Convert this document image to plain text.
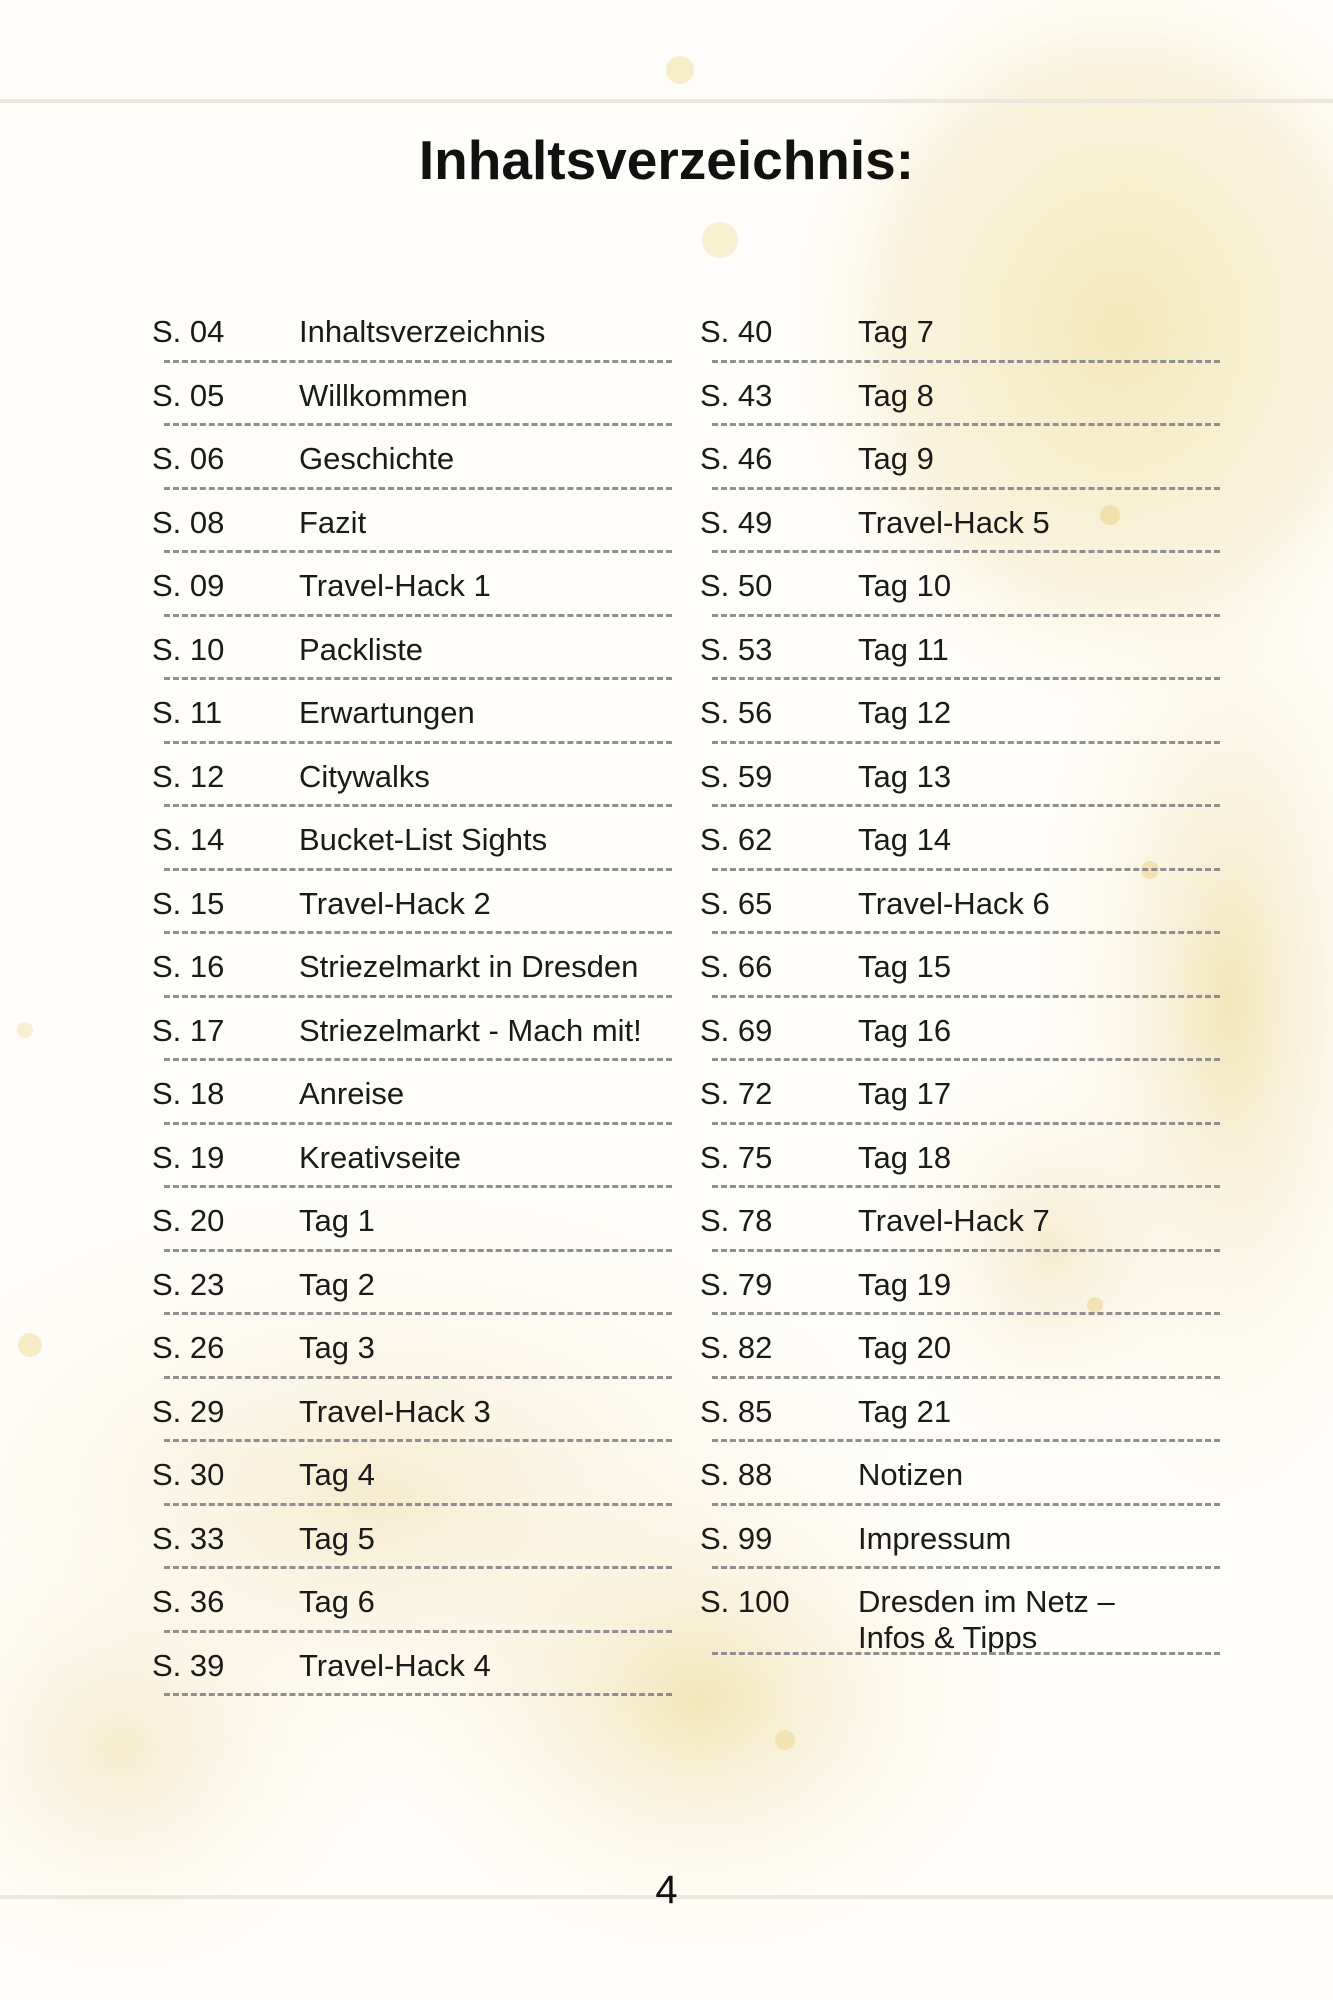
Inhaltsverzeichnis:
S. 04 Inhaltsverzeichnis
S. 05 Willkommen
S. 06 Geschichte
S. 08 Fazit
S. 09 Travel-Hack 1
S. 10 Packliste
S. 11 Erwartungen
S. 12 Citywalks
S. 14 Bucket-List Sights
S. 15 Travel-Hack 2
S. 16 Striezelmarkt in Dresden
S. 17 Striezelmarkt - Mach mit!
S. 18 Anreise
S. 19 Kreativseite
S. 20 Tag 1
S. 23 Tag 2
S. 26 Tag 3
S. 29 Travel-Hack 3
S. 30 Tag 4
S. 33 Tag 5
S. 36 Tag 6
S. 39 Travel-Hack 4
S. 40	Tag 7
S. 43	Tag 8
S. 46	Tag 9
S. 49	Travel-Hack 5
S. 50	Tag 10
S. 53	Tag 11
S. 56	Tag 12
S. 59	Tag 13
S. 62	Tag 14
S. 65	Travel-Hack 6
S. 66	Tag 15
S. 69	Tag 16
S. 72	Tag 17
S. 75	Tag 18
S. 78	Travel-Hack 7
S. 79	Tag 19
S. 82	Tag 20
S. 85	Tag 21
S. 88	Notizen
S. 99	Impressum
S. 100 Dresden im Netz –
Infos & Tipps
4
